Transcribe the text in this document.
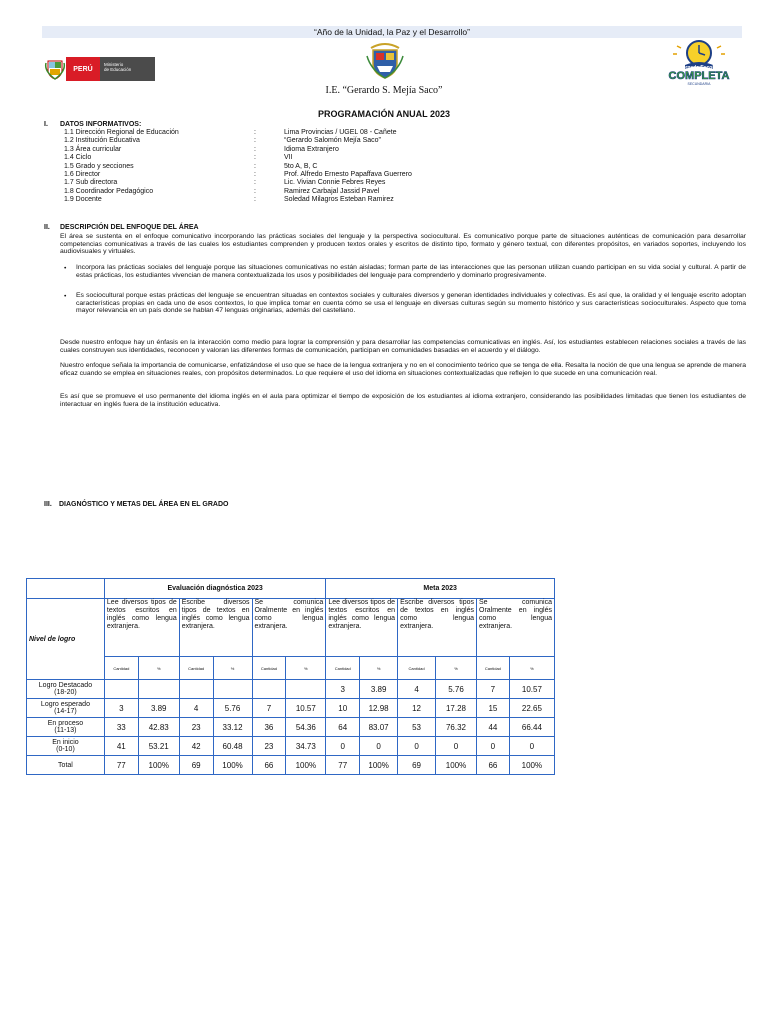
“Año de la Unidad, la Paz y el Desarrollo”
PERÚ
Ministerio
de Educación
I.E. “Gerardo S. Mejía Saco”
Jornada Escolar
COMPLETA
SECUNDARIA
PROGRAMACIÓN ANUAL 2023
I. DATOS INFORMATIVOS:
1.1 Dirección Regional de Educación	:	Lima Provincias / UGEL 08 - Cañete
1.2 Institución Educativa	:	“Gerardo Salomón Mejía Saco”
1.3 Área curricular	:	Idioma Extranjero
1.4 Ciclo	:	VII
1.5 Grado y secciones	:	5to A, B, C
1.6 Director	:	Prof. Alfredo Ernesto Papaffava Guerrero
1.7 Sub directora	:	Lic. Vivian Connie Febres Reyes
1.8 Coordinador Pedagógico	:	Ramirez Carbajal Jassid Pavel
1.9 Docente	:	Soledad Milagros Esteban Ramirez
II. DESCRIPCIÓN DEL ENFOQUE DEL ÁREA
El área se sustenta en el enfoque comunicativo incorporando las prácticas sociales del lenguaje y la perspectiva sociocultural. Es comunicativo porque parte de situaciones auténticas de comunicación para desarrollar competencias comunicativas a través de las cuales los estudiantes comprenden y producen textos orales y escritos de distinto tipo, formato y género textual, con diferentes propósitos, en variados soportes, incluyendo los audiovisuales y virtuales.
• Incorpora las prácticas sociales del lenguaje porque las situaciones comunicativas no están aisladas; forman parte de las interacciones que las personan utilizan cuando participan en su vida social y cultural. A partir de estas prácticas, los estudiantes vivencian de manera contextualizada los usos y posibilidades del lenguaje para comprenderlo y dominarlo progresivamente.
• Es sociocultural porque estas prácticas del lenguaje se encuentran situadas en contextos sociales y culturales diversos y generan identidades individuales y colectivas. Es así que, la oralidad y el lenguaje escrito adoptan características propias en cada uno de esos contextos, lo que implica tomar en cuenta cómo se usa el lenguaje en diversas culturas según su momento histórico y sus características socioculturales. Aspecto que toma mayor relevancia en un país donde se hablan 47 lenguas originarias, además del castellano.
Desde nuestro enfoque hay un énfasis en la interacción como medio para lograr la comprensión y para desarrollar las competencias comunicativas en inglés. Así, los estudiantes establecen relaciones sociales a través de las cuales construyen sus identidades, reconocen y valoran las diferentes formas de comunicación, participan en comunidades basadas en el acuerdo y el diálogo.
Nuestro enfoque señala la importancia de comunicarse, enfatizándose el uso que se hace de la lengua extranjera y no en el conocimiento teórico que se tenga de ella. Resalta la noción de que una lengua se aprende de manera eficaz cuando se emplea en situaciones reales, con propósitos determinados. Lo que requiere el uso del idioma en situaciones contextualizadas que reflejen lo que sucede en una comunicación real.
Es así que se promueve el uso permanente del idioma inglés en el aula para optimizar el tiempo de exposición de los estudiantes al idioma extranjero, considerando las posibilidades limitadas que tienen los estudiantes de interactuar en inglés fuera de la institución educativa.
III. DIAGNÓSTICO Y METAS DEL ÁREA EN EL GRADO
	Evaluación diagnóstica 2023						Meta 2023					
Nivel de logro	Lee diversos tipos de textos escritos en inglés como lengua extranjera.		Escribe diversos tipos de textos en inglés como lengua extranjera.		Se comunica Oralmente en inglés como lengua extranjera.		Lee diversos tipos de textos escritos en inglés como lengua extranjera.		Escribe diversos tipos de textos en inglés como lengua extranjera.		Se comunica Oralmente en inglés como lengua extranjera.	
	Cantidad	%	Cantidad	%	Cantidad	%	Cantidad	%	Cantidad	%	Cantidad	%

Logro Destacado
(18-20)							3	3.89	4	5.76	7	10.57

Logro esperado
(14-17)	3	3.89	4	5.76	7	10.57	10	12.98	12	17.28	15	22.65

En proceso
(11-13)	33	42.83	23	33.12	36	54.36	64	83.07	53	76.32	44	66.44

En inicio
(0-10)	41	53.21	42	60.48	23	34.73	0	0	0	0	0	0

Total	77	100%	69	100%	66	100%	77	100%	69	100%	66	100%
